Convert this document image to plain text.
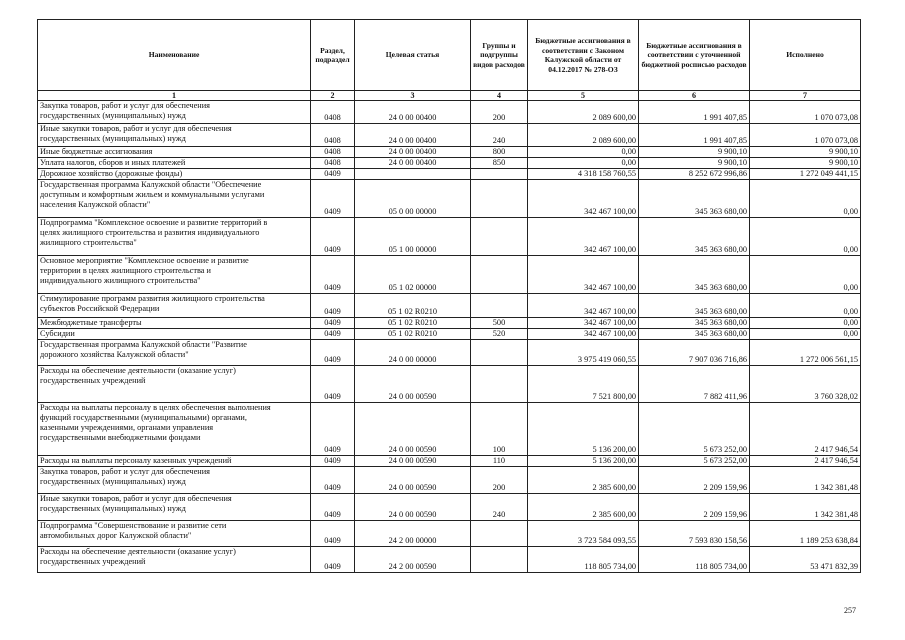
Наименование	Раздел, подраздел	Целевая статья	Группы и подгруппы видов расходов	Бюджетные ассигнования в соответствии с Законом Калужской области от 04.12.2017 № 278-ОЗ	Бюджетные ассигнования в соответствии с уточненной бюджетной росписью расходов	Исполнено
1	2	3	4	5	6	7
Закупка товаров, работ и услуг для обеспечения
государственных (муниципальных) нужд	0408	24 0 00 00400	200	2 089 600,00	1 991 407,85	1 070 073,08
Иные закупки товаров, работ и услуг для обеспечения
государственных (муниципальных) нужд	0408	24 0 00 00400	240	2 089 600,00	1 991 407,85	1 070 073,08
Иные бюджетные ассигнования	0408	24 0 00 00400	800	0,00	9 900,10	9 900,10
Уплата налогов, сборов и иных платежей	0408	24 0 00 00400	850	0,00	9 900,10	9 900,10
Дорожное хозяйство (дорожные фонды)	0409			4 318 158 760,55	8 252 672 996,86	1 272 049 441,15
Государственная программа Калужской области "Обеспечение
доступным и комфортным жильем и коммунальными услугами
населения Калужской области"	0409	05 0 00 00000		342 467 100,00	345 363 680,00	0,00
Подпрограмма "Комплексное освоение и развитие территорий в
целях жилищного строительства и развития индивидуального
жилищного строительства"	0409	05 1 00 00000		342 467 100,00	345 363 680,00	0,00
Основное мероприятие "Комплексное освоение и развитие
территории в целях жилищного строительства и
индивидуального жилищного строительства"	0409	05 1 02 00000		342 467 100,00	345 363 680,00	0,00
Стимулирование программ развития жилищного строительства
субъектов Российской Федерации	0409	05 1 02 R0210		342 467 100,00	345 363 680,00	0,00
Межбюджетные трансферты	0409	05 1 02 R0210	500	342 467 100,00	345 363 680,00	0,00
Субсидии	0409	05 1 02 R0210	520	342 467 100,00	345 363 680,00	0,00
Государственная программа Калужской области "Развитие
дорожного хозяйства Калужской области"	0409	24 0 00 00000		3 975 419 060,55	7 907 036 716,86	1 272 006 561,15
Расходы на обеспечение деятельности (оказание услуг)
государственных учреждений	0409	24 0 00 00590		7 521 800,00	7 882 411,96	3 760 328,02
Расходы на выплаты персоналу в целях обеспечения выполнения
функций государственными (муниципальными) органами,
казенными учреждениями, органами управления
государственными внебюджетными фондами	0409	24 0 00 00590	100	5 136 200,00	5 673 252,00	2 417 946,54
Расходы на выплаты персоналу казенных учреждений	0409	24 0 00 00590	110	5 136 200,00	5 673 252,00	2 417 946,54
Закупка товаров, работ и услуг для обеспечения
государственных (муниципальных) нужд	0409	24 0 00 00590	200	2 385 600,00	2 209 159,96	1 342 381,48
Иные закупки товаров, работ и услуг для обеспечения
государственных (муниципальных) нужд	0409	24 0 00 00590	240	2 385 600,00	2 209 159,96	1 342 381,48
Подпрограмма "Совершенствование и развитие сети
автомобильных дорог Калужской области"	0409	24 2 00 00000		3 723 584 093,55	7 593 830 158,56	1 189 253 638,84
Расходы на обеспечение деятельности (оказание услуг)
государственных учреждений	0409	24 2 00 00590		118 805 734,00	118 805 734,00	53 471 832,39
257
